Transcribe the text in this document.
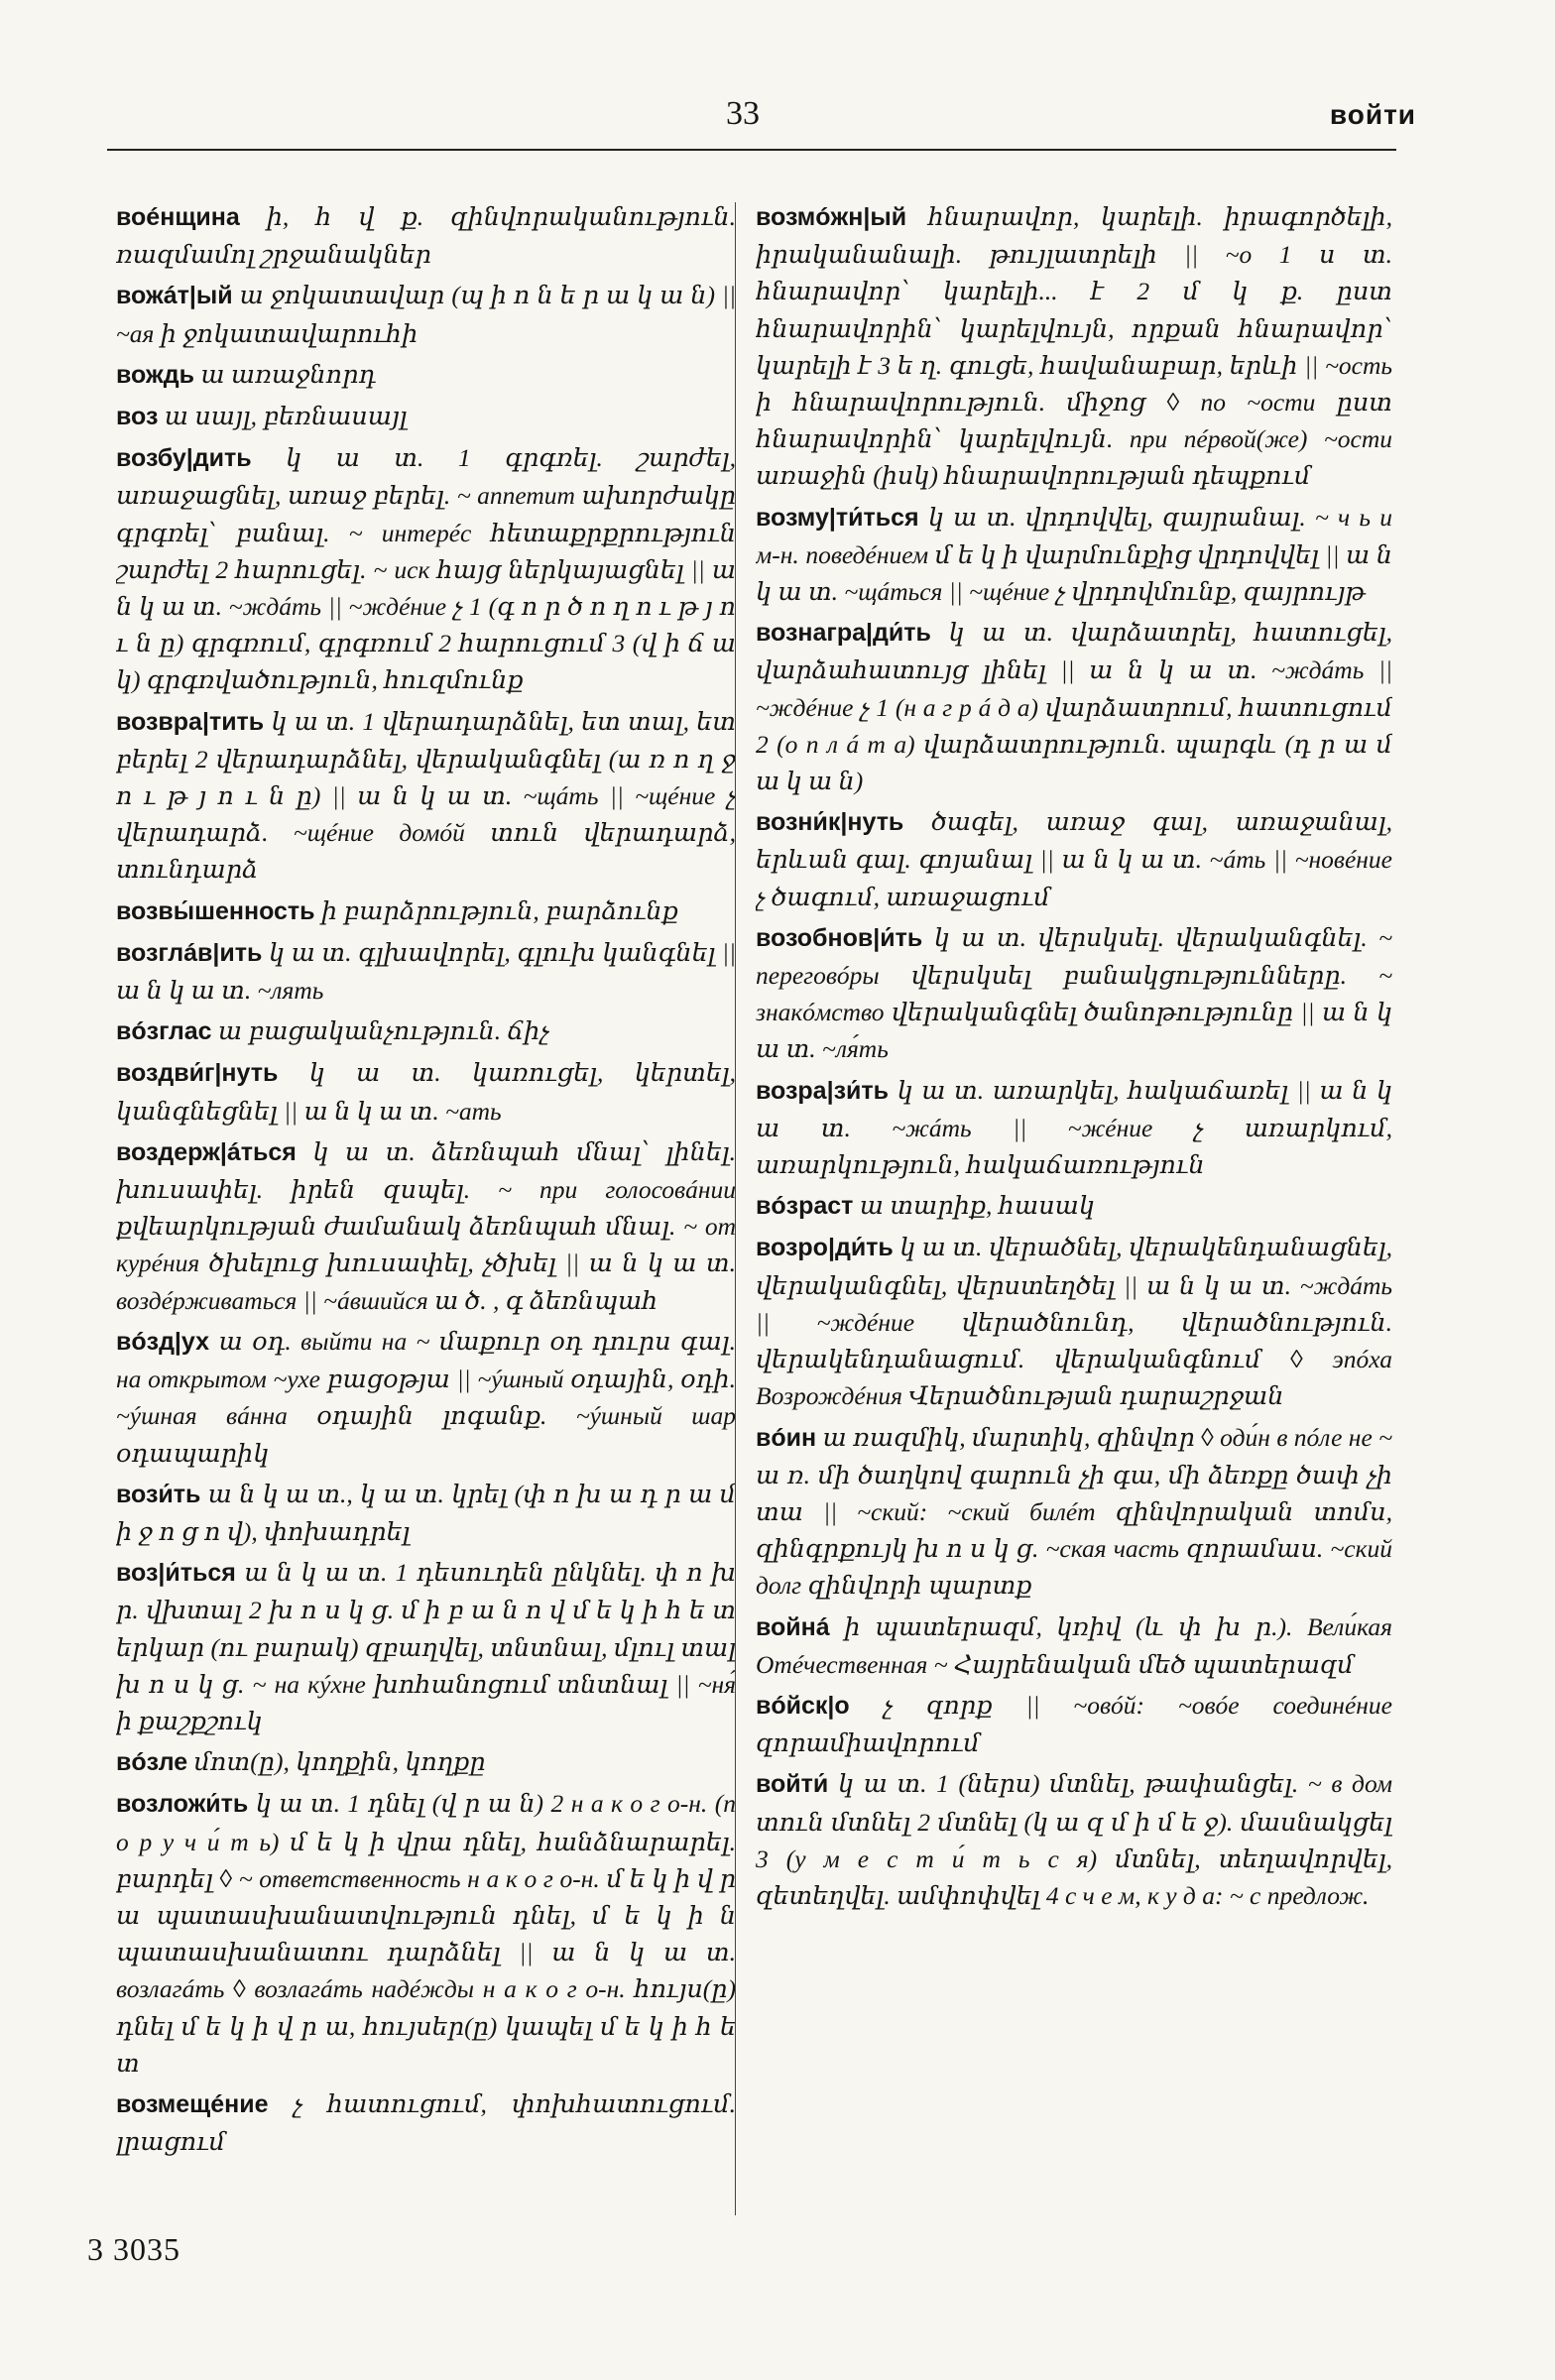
33	войти

воéнщина ի, հ վ ք. զինվորականություն. ռազմամոլ շրջանակներ

вожáт|ый ա ջոկատավար (պ ի ո ն ե ր ա կ ա ն) || ~ая ի ջոկատավարուհի

вождь ա առաջնորդ

воз ա սայլ, բեռնասայլ

возбу|дить կ ա տ. 1 գրգռել. շարժել, առաջացնել, առաջ բերել. ~ аппетит ախորժակը գրգռել՝ բանալ. ~ интерéс հետաքրքրություն շարժել 2 հարուցել. ~ иск հայց ներկայացնել || ա ն կ ա տ. ~ждáть || ~ждéние չ 1 (գ ո ր ծ ո ղ ո ւ թ յ ո ւ ն ը) գրգռում, գրգռում 2 հարուցում 3 (վ ի ճ ա կ) գրգռվածություն, հուզմունք

возвра|тить կ ա տ. 1 վերադարձնել, ետ տալ, ետ բերել 2 վերադարձնել, վերականգնել (ա ռ ո ղ ջ ո ւ թ յ ո ւ ն ը) || ա ն կ ա տ. ~щáть || ~щéние չ վերադարձ. ~щéние домóй տուն վերադարձ, տունդարձ

возвы́шенность ի բարձրություն, բարձունք

возглáв|ить կ ա տ. գլխավորել, գլուխ կանգնել || ա ն կ ա տ. ~лять

вóзглас ա բացականչություն. ճիչ

воздви́г|нуть կ ա տ. կառուցել, կերտել, կանգնեցնել || ա ն կ ա տ. ~ать

воздерж|áться կ ա տ. ձեռնպահ մնալ՝ լինել. խուսափել. իրեն զսպել. ~ при голосовáнии քվեարկության ժամանակ ձեռնպահ մնալ. ~ от курéния ծխելուց խուսափել, չծխել || ա ն կ ա տ. воздéрживаться || ~áвшийся ա ծ. , գ ձեռնպահ

вóзд|ух ա օդ. выйти на ~ մաքուր օդ դուրս գալ. на открытом ~ухе բացօթյա || ~ýшный օդային, օդի. ~ýшная вáнна օդային լոգանք. ~ýшный шар օդապարիկ

вози́ть ա ն կ ա տ., կ ա տ. կրել (փ ո խ ա դ ր ա մ ի ջ ո ց ո վ), փոխադրել

воз|и́ться ա ն կ ա տ. 1 դեսուդեն ընկնել. փ ո խ ր. վխտալ 2 խ ո ս կ ց. մ ի բ ա ն ո վ մ ե կ ի հ ե տ երկար (ու բարակ) զբաղվել, տնտնալ, մլուլ տալ խ ո ս կ ց. ~ на кýхне խոհանոցում տնտնալ || ~ня́ ի քաշքշուկ

вóзле մոտ(ը), կողքին, կողքը

возложи́ть կ ա տ. 1 դնել (վ ր ա ն) 2 н а к о г о-н. (п о р у ч и́ т ь) մ ե կ ի վրա դնել, հանձնարարել. բարդել ◊ ~ ответственность н а к о г о-н. մ ե կ ի վ ր ա պատասխանատվություն դնել, մ ե կ ի ն պատասխանատու դարձնել || ա ն կ ա տ. возлагáть ◊ возлагáть надéжды н а к о г о-н. հույս(ը) դնել մ ե կ ի վ ր ա, հույսեր(ը) կապել մ ե կ ի հ ե տ

возмещéние չ հատուցում, փոխհատուցում. լրացում

возмóжн|ый հնարավոր, կարելի. իրագործելի, իրականանալի. թույլատրելի || ~о 1 ս տ. հնարավոր՝ կարելի... է 2 մ կ ք. ըստ հնարավորին՝ կարելվույն, որքան հնարավոր՝ կարելի է 3 ե ղ. գուցե, հավանաբար, երևի || ~ость ի հնարավորություն. միջոց ◊ по ~ости ըստ հնարավորին՝ կարելվույն. при пéрвой(же) ~ости առաջին (իսկ) հնարավորության դեպքում

возму|ти́ться կ ա տ. վրդովվել, զայրանալ. ~ ч ь и м-н. поведéнием մ ե կ ի վարմունքից վրդովվել || ա ն կ ա տ. ~щáться || ~щéние չ վրդովմունք, զայրույթ

вознагра|ди́ть կ ա տ. վարձատրել, հատուցել, վարձահատույց լինել || ա ն կ ա տ. ~ждáть || ~ждéние չ 1 (н а г р á д а) վարձատրում, հատուցում 2 (о п л á т а) վարձատրություն. պարգև (դ ր ա մ ա կ ա ն)

возни́к|нуть ծագել, առաջ գալ, առաջանալ, երևան գալ. գոյանալ || ա ն կ ա տ. ~áть || ~новéние չ ծագում, առաջացում

возобнов|и́ть կ ա տ. վերսկսել. վերականգնել. ~ переговóры վերսկսել բանակցությունները. ~ знакóмство վերականգնել ծանոթությունը || ա ն կ ա տ. ~ля́ть

возра|зи́ть կ ա տ. առարկել, հակաճառել || ա ն կ ա տ. ~жáть || ~жéние չ առարկում, առարկություն, հակաճառություն

вóзраст ա տարիք, հասակ

возро|ди́ть կ ա տ. վերածնել, վերակենդանացնել, վերականգնել, վերստեղծել || ա ն կ ա տ. ~ждáть || ~ждéние վերածնունդ, վերածնություն. վերակենդանացում. վերականգնում ◊ эпóха Возрождéния Վերածնության դարաշրջան

вóин ա ռազմիկ, մարտիկ, զինվոր ◊ оди́н в пóле не ~ ա ռ. մի ծաղկով գարուն չի գա, մի ձեռքը ծափ չի տա || ~ский: ~ский билéт զինվորական տոմս, զինգրքույկ խ ո ս կ ց. ~ская часть զորամաս. ~ский долг զինվորի պարտք

войнá ի պատերազմ, կռիվ (և փ խ ր.). Вели́кая Отéчественная ~ Հայրենական մեծ պատերազմ

вóйск|о չ զորք || ~овóй: ~овóе соединéние զորամիավորում

войти́ կ ա տ. 1 (ներս) մտնել, թափանցել. ~ в дом տուն մտնել 2 մտնել (կ ա զ մ ի մ ե ջ). մասնակցել 3 (у м е с т и́ т ь с я) մտնել, տեղավորվել, զետեղվել. ամփոփվել 4 с ч е м, к у д а: ~ с предлож.

3 3035
